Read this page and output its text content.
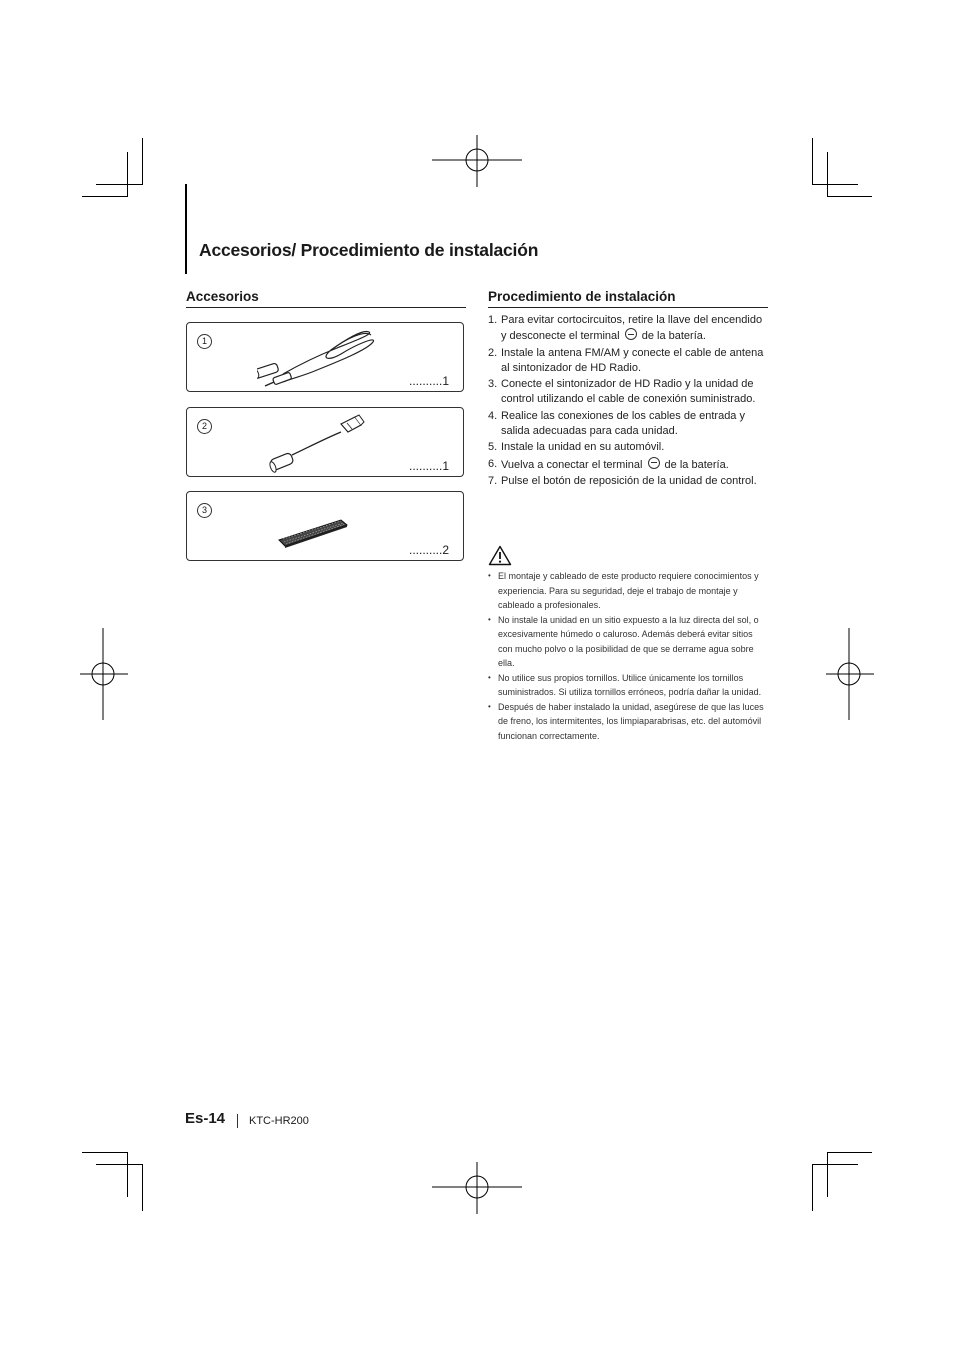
Accesorios/ Procedimiento de instalación
Accesorios
1
..........1
2
..........1
3
..........2
Procedimiento de instalación
1. Para evitar cortocircuitos, retire la llave del encendido y desconecte el terminal  de la batería.
2. Instale la antena FM/AM y conecte el cable de antena al sintonizador de HD Radio.
3. Conecte el sintonizador de HD Radio y la unidad de control utilizando el cable de conexión suministrado.
4. Realice las conexiones de los cables de entrada y salida adecuadas para cada unidad.
5. Instale la unidad en su automóvil.
6. Vuelva a conectar el terminal  de la batería.
7. Pulse el botón de reposición de la unidad de control.
• El montaje y cableado de este producto requiere conocimientos y experiencia. Para su seguridad, deje el trabajo de montaje y cableado a profesionales.
• No instale la unidad en un sitio expuesto a la luz directa del sol, o excesivamente húmedo o caluroso. Además deberá evitar sitios con mucho polvo o la posibilidad de que se derrame agua sobre ella.
• No utilice sus propios tornillos. Utilice únicamente los tornillos suministrados. Si utiliza tornillos erróneos, podría dañar la unidad.
• Después de haber instalado la unidad, asegúrese de que las luces de freno, los intermitentes, los limpiaparabrisas, etc. del automóvil funcionan correctamente.
Es-14 KTC-HR200
